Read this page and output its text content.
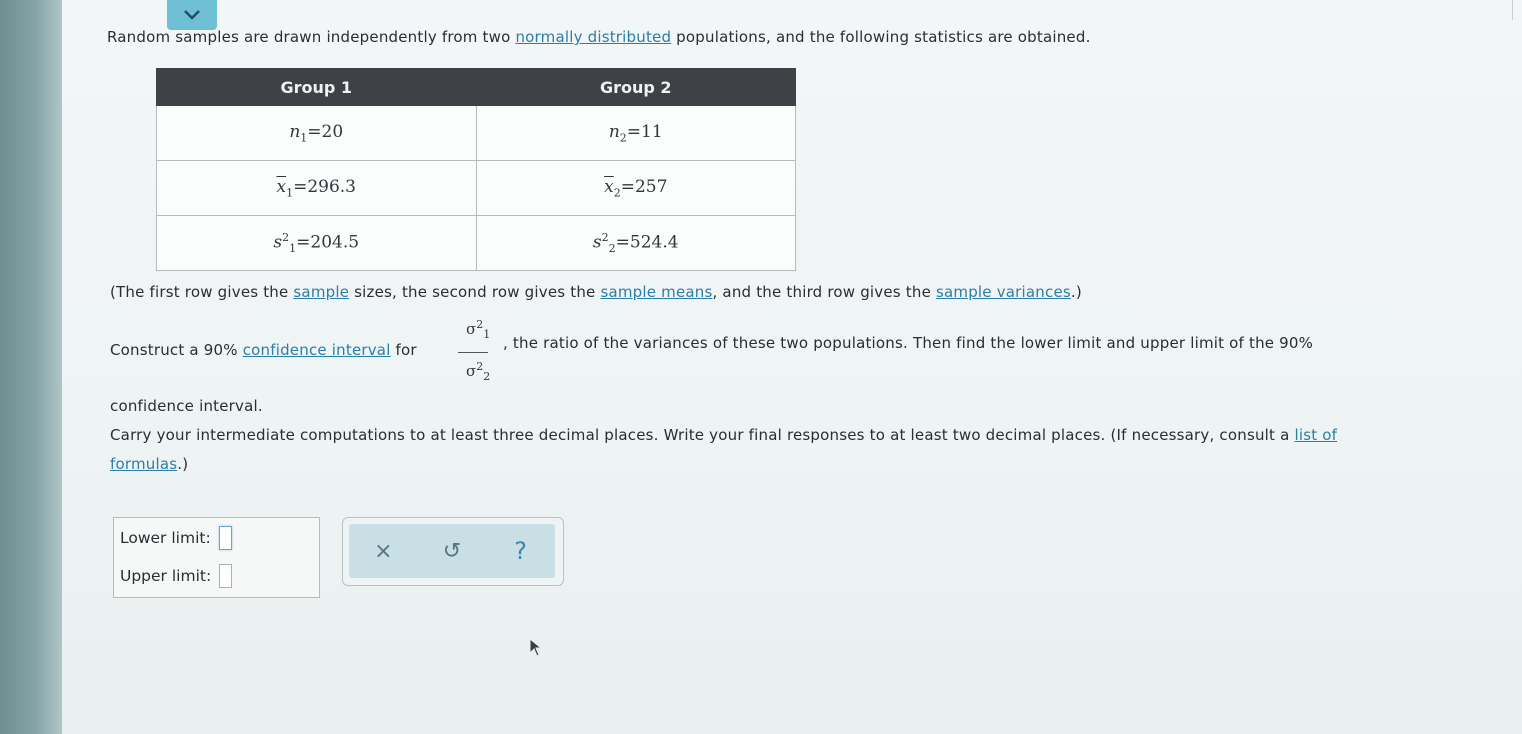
Random samples are drawn independently from two normally distributed populations, and the following statistics are obtained.
Group 1	Group 2
$n_1=20$	$n_2=11$
$\overline{x}_1=296.3$	$\overline{x}_2=257$
$s^2_1=204.5$	$s^2_2=524.4$
(The first row gives the sample sizes, the second row gives the sample means, and the third row gives the sample variances.)
Construct a 90% confidence interval for
$\sigma^2_1$
$\sigma^2_2$
, the ratio of the variances of these two populations. Then find the lower limit and upper limit of the 90%
confidence interval.
Carry your intermediate computations to at least three decimal places. Write your final responses to at least two decimal places. (If necessary, consult a list of
formulas.)
Lower limit:
Upper limit:
× ↺	?
